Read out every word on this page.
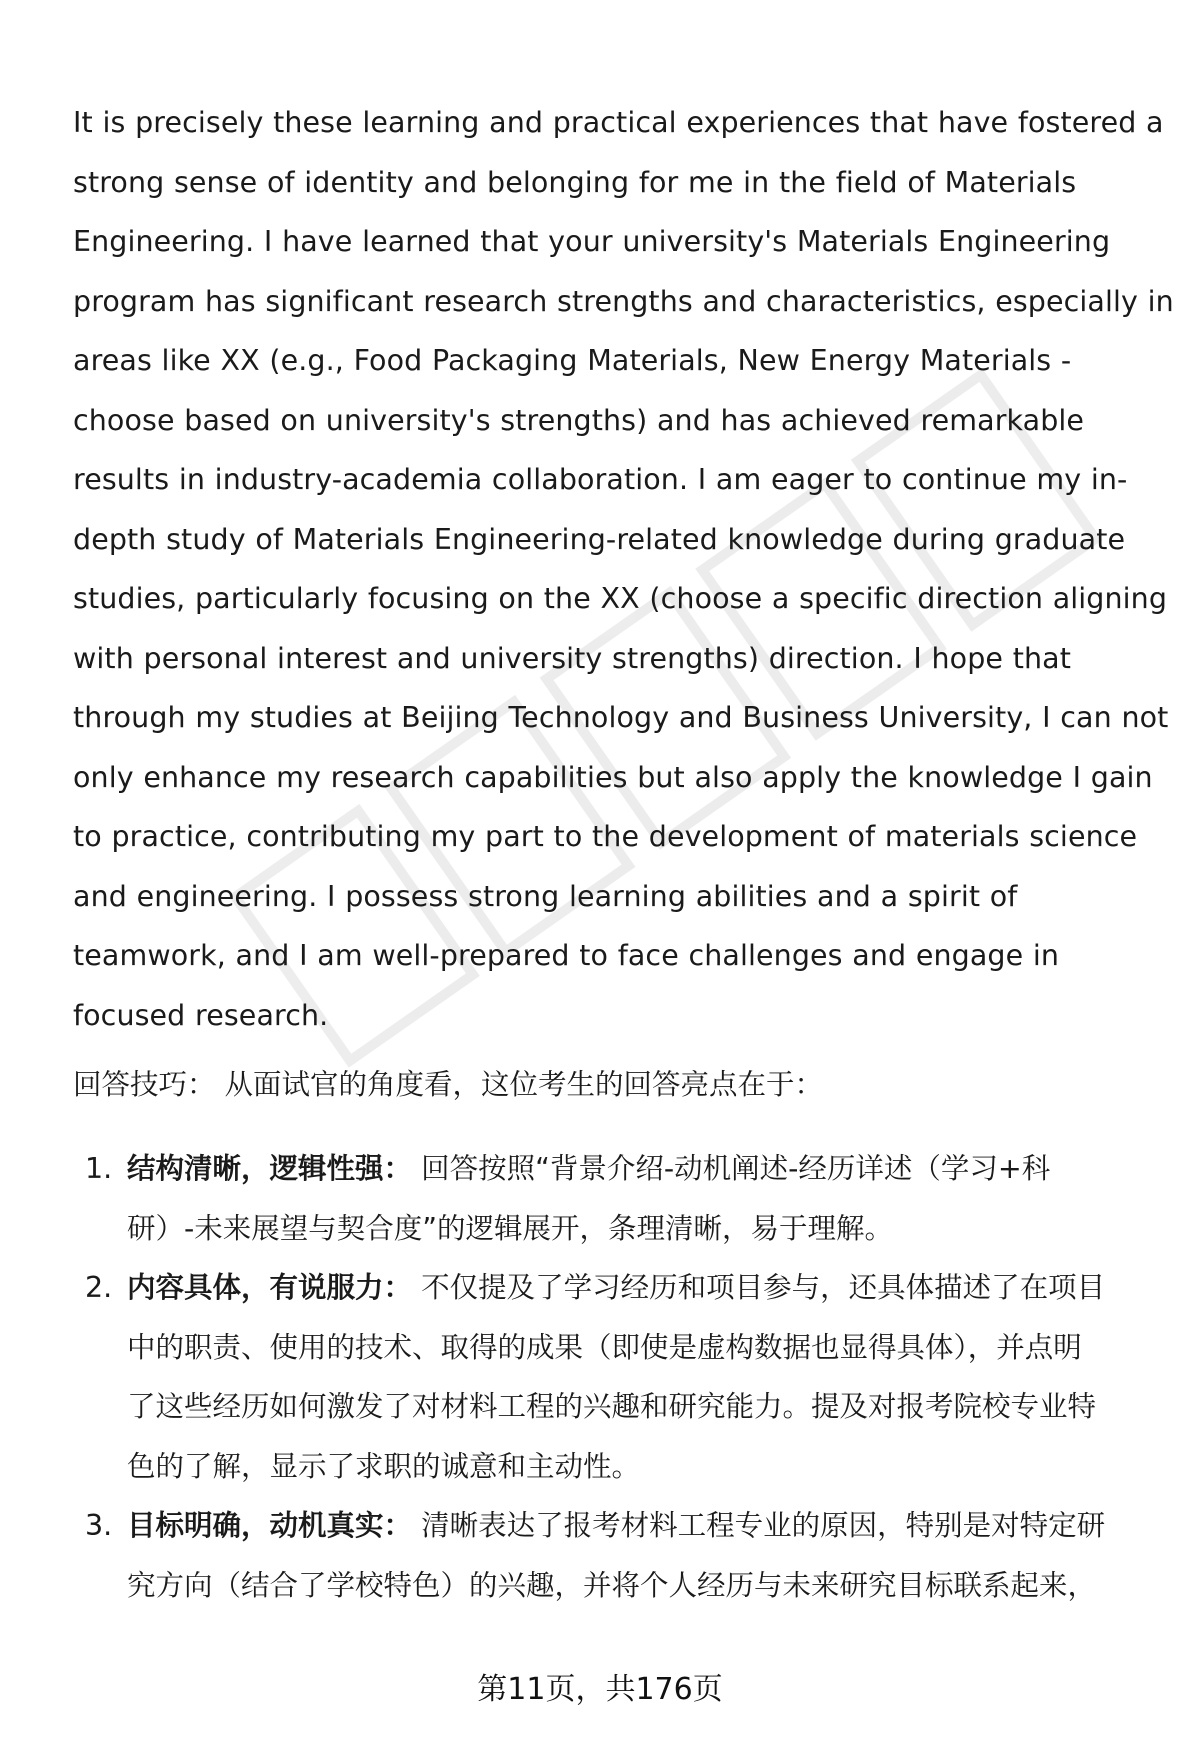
It is precisely these learning and practical experiences that have fostered a
strong sense of identity and belonging for me in the field of Materials
Engineering. I have learned that your university's Materials Engineering
program has significant research strengths and characteristics, especially in
areas like XX (e.g., Food Packaging Materials, New Energy Materials -
choose based on university's strengths) and has achieved remarkable
results in industry-academia collaboration. I am eager to continue my in-
depth study of Materials Engineering-related knowledge during graduate
studies, particularly focusing on the XX (choose a specific direction aligning
with personal interest and university strengths) direction. I hope that
through my studies at Beijing Technology and Business University, I can not
only enhance my research capabilities but also apply the knowledge I gain
to practice, contributing my part to the development of materials science
and engineering. I possess strong learning abilities and a spirit of
teamwork, and I am well-prepared to face challenges and engage in
focused research.

回答技巧： 从面试官的角度看，这位考生的回答亮点在于：

1. 结构清晰，逻辑性强： 回答按照“背景介绍-动机阐述-经历详述（学习+科
研）-未来展望与契合度”的逻辑展开，条理清晰，易于理解。
2. 内容具体，有说服力： 不仅提及了学习经历和项目参与，还具体描述了在项目
中的职责、使用的技术、取得的成果（即使是虚构数据也显得具体），并点明
了这些经历如何激发了对材料工程的兴趣和研究能力。提及对报考院校专业特
色的了解，显示了求职的诚意和主动性。
3. 目标明确，动机真实： 清晰表达了报考材料工程专业的原因，特别是对特定研
究方向（结合了学校特色）的兴趣，并将个人经历与未来研究目标联系起来，
第11页，共176页
